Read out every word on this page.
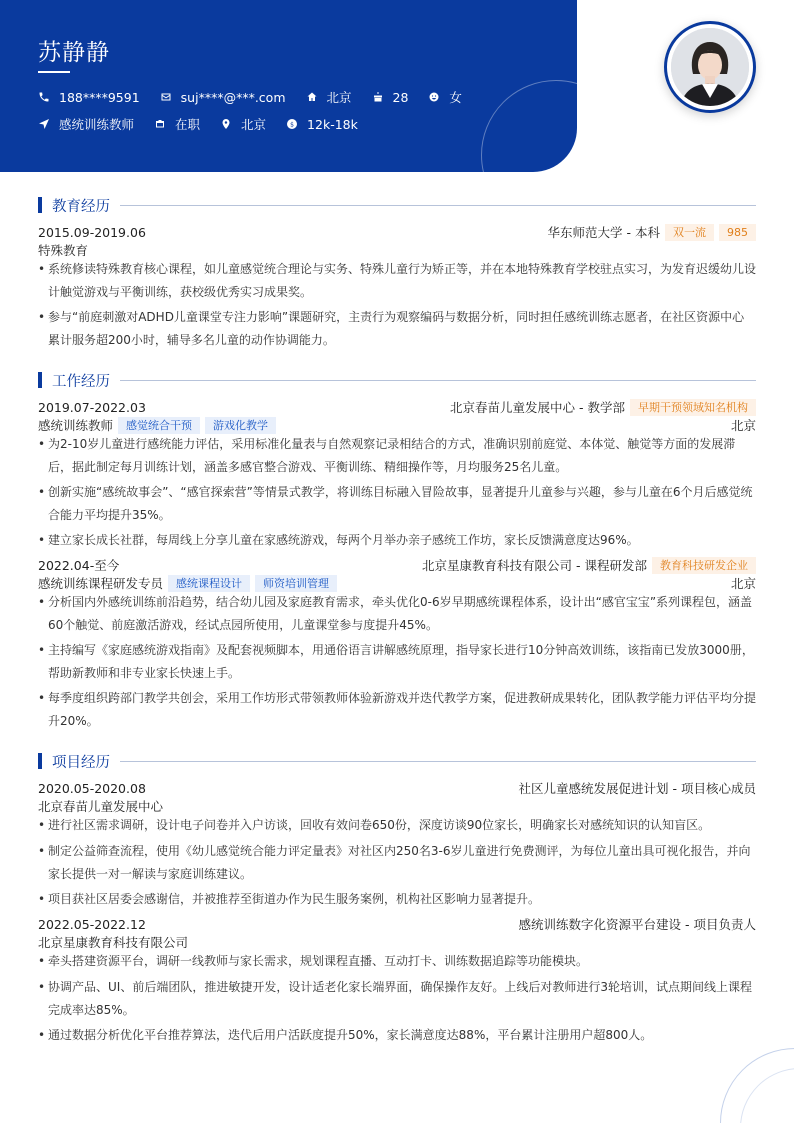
苏静静
188****9591	suj****@***.com	北京	28	女
感统训练教师	在职	北京 $ 12k-18k
教育经历
2015.09-2019.06	华东师范大学 - 本科	双一流	985
特殊教育
• 系统修读特殊教育核心课程，如儿童感觉统合理论与实务、特殊儿童行为矫正等，并在本地特殊教育学校驻点实习，为发育迟缓幼儿设计触觉游戏与平衡训练，获校级优秀实习成果奖。
• 参与“前庭刺激对ADHD儿童课堂专注力影响”课题研究，主责行为观察编码与数据分析，同时担任感统训练志愿者，在社区资源中心累计服务超200小时，辅导多名儿童的动作协调能力。
工作经历
2019.07-2022.03	北京春苗儿童发展中心 - 教学部	早期干预领域知名机构
感统训练教师	感觉统合干预	游戏化教学	北京
• 为2-10岁儿童进行感统能力评估，采用标准化量表与自然观察记录相结合的方式，准确识别前庭觉、本体觉、触觉等方面的发展滞后，据此制定每月训练计划，涵盖多感官整合游戏、平衡训练、精细操作等，月均服务25名儿童。
• 创新实施“感统故事会”、“感官探索营”等情景式教学，将训练目标融入冒险故事，显著提升儿童参与兴趣，参与儿童在6个月后感觉统合能力平均提升35%。
• 建立家长成长社群，每周线上分享儿童在家感统游戏，每两个月举办亲子感统工作坊，家长反馈满意度达96%。
2022.04-至今	北京星康教育科技有限公司 - 课程研发部	教育科技研发企业
感统训练课程研发专员	感统课程设计	师资培训管理	北京
• 分析国内外感统训练前沿趋势，结合幼儿园及家庭教育需求，牵头优化0-6岁早期感统课程体系，设计出“感官宝宝”系列课程包，涵盖60个触觉、前庭激活游戏，经试点园所使用，儿童课堂参与度提升45%。
• 主持编写《家庭感统游戏指南》及配套视频脚本，用通俗语言讲解感统原理，指导家长进行10分钟高效训练，该指南已发放3000册，帮助新教师和非专业家长快速上手。
• 每季度组织跨部门教学共创会，采用工作坊形式带领教师体验新游戏并迭代教学方案，促进教研成果转化，团队教学能力评估平均分提升20%。
项目经历
2020.05-2020.08	社区儿童感统发展促进计划 - 项目核心成员
北京春苗儿童发展中心
• 进行社区需求调研，设计电子问卷并入户访谈，回收有效问卷650份，深度访谈90位家长，明确家长对感统知识的认知盲区。
• 制定公益筛查流程，使用《幼儿感觉统合能力评定量表》对社区内250名3-6岁儿童进行免费测评，为每位儿童出具可视化报告，并向家长提供一对一解读与家庭训练建议。
• 项目获社区居委会感谢信，并被推荐至街道办作为民生服务案例，机构社区影响力显著提升。
2022.05-2022.12	感统训练数字化资源平台建设 - 项目负责人
北京星康教育科技有限公司
• 牵头搭建资源平台，调研一线教师与家长需求，规划课程直播、互动打卡、训练数据追踪等功能模块。
• 协调产品、UI、前后端团队，推进敏捷开发，设计适老化家长端界面，确保操作友好。上线后对教师进行3轮培训，试点期间线上课程完成率达85%。
• 通过数据分析优化平台推荐算法，迭代后用户活跃度提升50%，家长满意度达88%，平台累计注册用户超800人。
